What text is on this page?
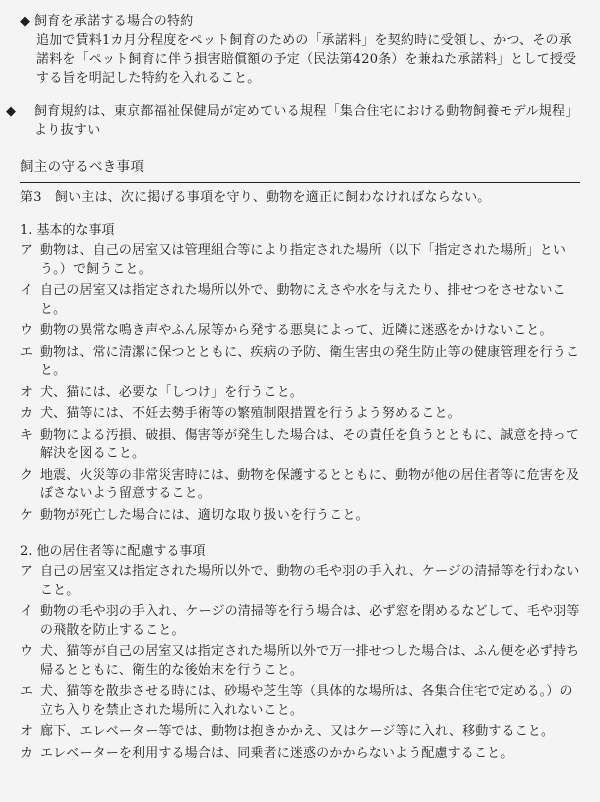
◆ 飼育を承諾する場合の特約
追加で賃料1カ月分程度をペット飼育のための「承諾料」を契約時に受領し、かつ、その承諾料を「ペット飼育に伴う損害賠償額の予定（民法第420条）を兼ねた承諾料」として授受する旨を明記した特約を入れること。
◆ 飼育規約は、東京都福祉保健局が定めている規程「集合住宅における動物飼養モデル規程」より抜すい
飼主の守るべき事項
第3　飼い主は、次に掲げる事項を守り、動物を適正に飼わなければならない。
1. 基本的な事項
ア 動物は、自己の居室又は管理組合等により指定された場所（以下「指定された場所」という。）で飼うこと。
イ 自己の居室又は指定された場所以外で、動物にえさや水を与えたり、排せつをさせないこと。
ウ 動物の異常な鳴き声やふん尿等から発する悪臭によって、近隣に迷惑をかけないこと。
エ 動物は、常に清潔に保つとともに、疾病の予防、衛生害虫の発生防止等の健康管理を行うこと。
オ 犬、猫には、必要な「しつけ」を行うこと。
カ 犬、猫等には、不妊去勢手術等の繁殖制限措置を行うよう努めること。
キ 動物による汚損、破損、傷害等が発生した場合は、その責任を負うとともに、誠意を持って解決を図ること。
ク 地震、火災等の非常災害時には、動物を保護するとともに、動物が他の居住者等に危害を及ぼさないよう留意すること。
ケ 動物が死亡した場合には、適切な取り扱いを行うこと。
2. 他の居住者等に配慮する事項
ア 自己の居室又は指定された場所以外で、動物の毛や羽の手入れ、ケージの清掃等を行わないこと。
イ 動物の毛や羽の手入れ、ケージの清掃等を行う場合は、必ず窓を閉めるなどして、毛や羽等の飛散を防止すること。
ウ 犬、猫等が自己の居室又は指定された場所以外で万一排せつした場合は、ふん便を必ず持ち帰るとともに、衛生的な後始末を行うこと。
エ 犬、猫等を散歩させる時には、砂場や芝生等（具体的な場所は、各集合住宅で定める。）の立ち入りを禁止された場所に入れないこと。
オ 廊下、エレベーター等では、動物は抱きかかえ、又はケージ等に入れ、移動すること。
カ エレベーターを利用する場合は、同乗者に迷惑のかからないよう配慮すること。
